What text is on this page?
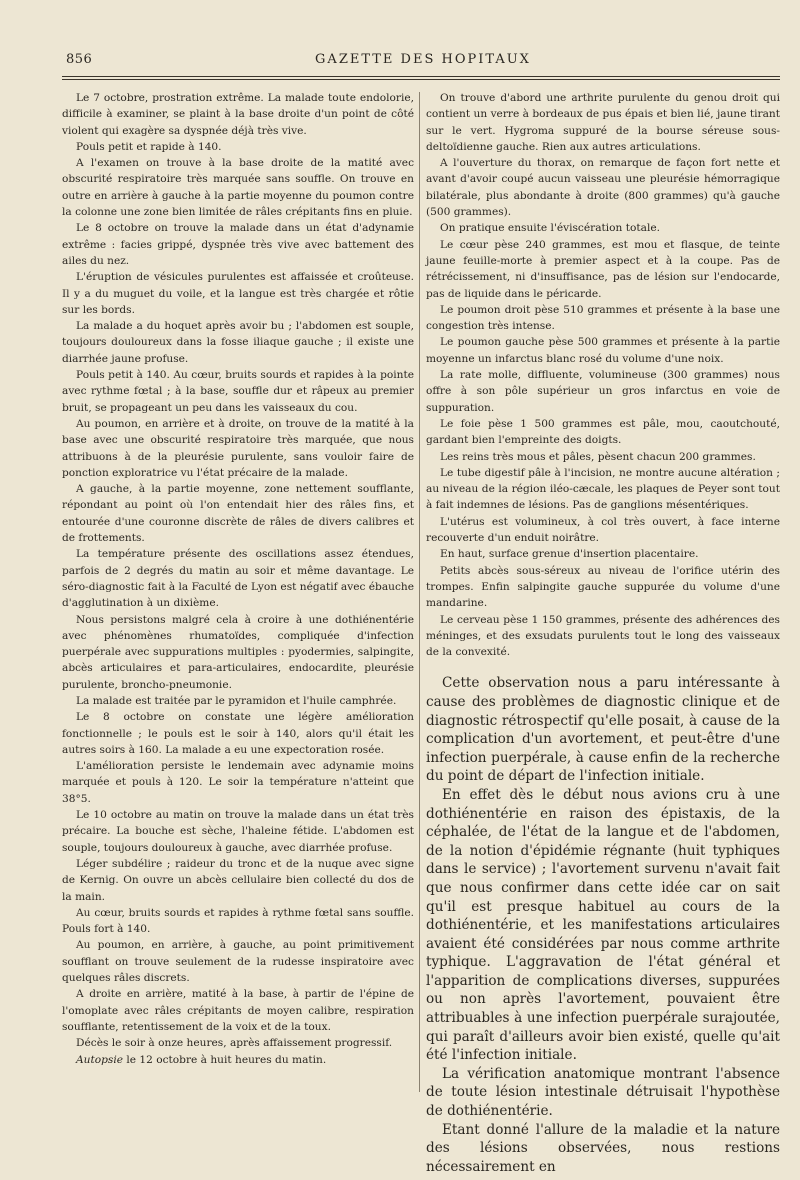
856	GAZETTE DES HOPITAUX

Le 7 octobre, prostration extrême. La malade toute endolorie, difficile à examiner, se plaint à la base droite d'un point de côté violent qui exagère sa dyspnée déjà très vive.

Pouls petit et rapide à 140.

A l'examen on trouve à la base droite de la matité avec obscurité respiratoire très marquée sans souffle. On trouve en outre en arrière à gauche à la partie moyenne du poumon contre la colonne une zone bien limitée de râles crépitants fins en pluie.

Le 8 octobre on trouve la malade dans un état d'adynamie extrême : facies grippé, dyspnée très vive avec battement des ailes du nez.

L'éruption de vésicules purulentes est affaissée et croûteuse. Il y a du muguet du voile, et la langue est très chargée et rôtie sur les bords.

La malade a du hoquet après avoir bu ; l'abdomen est souple, toujours douloureux dans la fosse iliaque gauche ; il existe une diarrhée jaune profuse.

Pouls petit à 140. Au cœur, bruits sourds et rapides à la pointe avec rythme fœtal ; à la base, souffle dur et râpeux au premier bruit, se propageant un peu dans les vaisseaux du cou.

Au poumon, en arrière et à droite, on trouve de la matité à la base avec une obscurité respiratoire très marquée, que nous attribuons à de la pleurésie purulente, sans vouloir faire de ponction exploratrice vu l'état précaire de la malade.

A gauche, à la partie moyenne, zone nettement soufflante, répondant au point où l'on entendait hier des râles fins, et entourée d'une couronne discrète de râles de divers calibres et de frottements.

La température présente des oscillations assez étendues, parfois de 2 degrés du matin au soir et même davantage. Le séro-diagnostic fait à la Faculté de Lyon est négatif avec ébauche d'agglutination à un dixième.

Nous persistons malgré cela à croire à une dothiénentérie avec phénomènes rhumatoïdes, compliquée d'infection puerpérale avec suppurations multiples : pyodermies, salpingite, abcès articulaires et para-articulaires, endocardite, pleurésie purulente, broncho-pneumonie.

La malade est traitée par le pyramidon et l'huile camphrée.

Le 8 octobre on constate une légère amélioration fonctionnelle ; le pouls est le soir à 140, alors qu'il était les autres soirs à 160. La malade a eu une expectoration rosée.

L'amélioration persiste le lendemain avec adynamie moins marquée et pouls à 120. Le soir la température n'atteint que 38°5.

Le 10 octobre au matin on trouve la malade dans un état très précaire. La bouche est sèche, l'haleine fétide. L'abdomen est souple, toujours douloureux à gauche, avec diarrhée profuse.

Léger subdélire ; raideur du tronc et de la nuque avec signe de Kernig. On ouvre un abcès cellulaire bien collecté du dos de la main.

Au cœur, bruits sourds et rapides à rythme fœtal sans souffle. Pouls fort à 140.

Au poumon, en arrière, à gauche, au point primitivement soufflant on trouve seulement de la rudesse inspiratoire avec quelques râles discrets.

A droite en arrière, matité à la base, à partir de l'épine de l'omoplate avec râles crépitants de moyen calibre, respiration soufflante, retentissement de la voix et de la toux.

Décès le soir à onze heures, après affaissement progressif.

Autopsie le 12 octobre à huit heures du matin.

On trouve d'abord une arthrite purulente du genou droit qui contient un verre à bordeaux de pus épais et bien lié, jaune tirant sur le vert. Hygroma suppuré de la bourse séreuse sous-deltoïdienne gauche. Rien aux autres articulations.

A l'ouverture du thorax, on remarque de façon fort nette et avant d'avoir coupé aucun vaisseau une pleurésie hémorragique bilatérale, plus abondante à droite (800 grammes) qu'à gauche (500 grammes).

On pratique ensuite l'éviscération totale.

Le cœur pèse 240 grammes, est mou et flasque, de teinte jaune feuille-morte à premier aspect et à la coupe. Pas de rétrécissement, ni d'insuffisance, pas de lésion sur l'endocarde, pas de liquide dans le péricarde.

Le poumon droit pèse 510 grammes et présente à la base une congestion très intense.

Le poumon gauche pèse 500 grammes et présente à la partie moyenne un infarctus blanc rosé du volume d'une noix.

La rate molle, diffluente, volumineuse (300 grammes) nous offre à son pôle supérieur un gros infarctus en voie de suppuration.

Le foie pèse 1 500 grammes est pâle, mou, caoutchouté, gardant bien l'empreinte des doigts.

Les reins très mous et pâles, pèsent chacun 200 grammes.

Le tube digestif pâle à l'incision, ne montre aucune altération ; au niveau de la région iléo-cæcale, les plaques de Peyer sont tout à fait indemnes de lésions. Pas de ganglions mésentériques.

L'utérus est volumineux, à col très ouvert, à face interne recouverte d'un enduit noirâtre.

En haut, surface grenue d'insertion placentaire.

Petits abcès sous-séreux au niveau de l'orifice utérin des trompes. Enfin salpingite gauche suppurée du volume d'une mandarine.

Le cerveau pèse 1 150 grammes, présente des adhérences des méninges, et des exsudats purulents tout le long des vaisseaux de la convexité.

Cette observation nous a paru intéressante à cause des problèmes de diagnostic clinique et de diagnostic rétrospectif qu'elle posait, à cause de la complication d'un avortement, et peut-être d'une infection puerpérale, à cause enfin de la recherche du point de départ de l'infection initiale.

En effet dès le début nous avions cru à une dothiénentérie en raison des épistaxis, de la céphalée, de l'état de la langue et de l'abdomen, de la notion d'épidémie régnante (huit typhiques dans le service) ; l'avortement survenu n'avait fait que nous confirmer dans cette idée car on sait qu'il est presque habituel au cours de la dothiénentérie, et les manifestations articulaires avaient été considérées par nous comme arthrite typhique. L'aggravation de l'état général et l'apparition de complications diverses, suppurées ou non après l'avortement, pouvaient être attribuables à une infection puerpérale surajoutée, qui paraît d'ailleurs avoir bien existé, quelle qu'ait été l'infection initiale.

La vérification anatomique montrant l'absence de toute lésion intestinale détruisait l'hypothèse de dothiénentérie.

Etant donné l'allure de la maladie et la nature des lésions observées, nous restions nécessairement en
